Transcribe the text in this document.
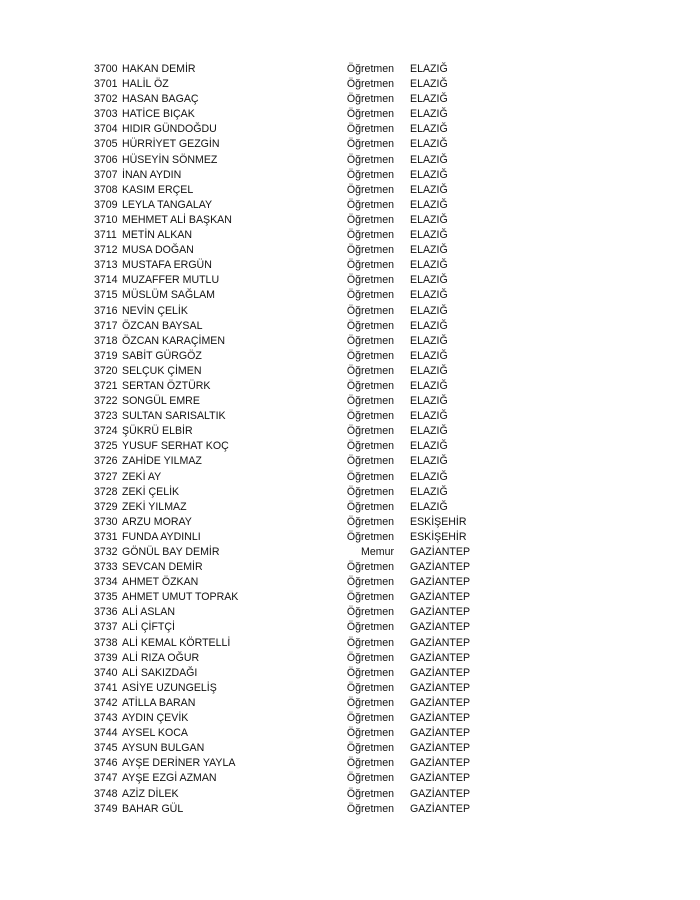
3700 HAKAN DEMİR	Öğretmen ELAZIĞ
3701 HALİL ÖZ	Öğretmen ELAZIĞ
3702 HASAN BAGAÇ	Öğretmen ELAZIĞ
3703 HATİCE BIÇAK	Öğretmen ELAZIĞ
3704 HIDIR GÜNDOĞDU	Öğretmen ELAZIĞ
3705 HÜRRİYET GEZGİN	Öğretmen ELAZIĞ
3706 HÜSEYİN SÖNMEZ	Öğretmen ELAZIĞ
3707 İNAN AYDIN	Öğretmen ELAZIĞ
3708 KASIM ERÇEL	Öğretmen ELAZIĞ
3709 LEYLA TANGALAY	Öğretmen ELAZIĞ
3710 MEHMET ALİ BAŞKAN	Öğretmen ELAZIĞ
3711 METİN ALKAN	Öğretmen ELAZIĞ
3712 MUSA DOĞAN	Öğretmen ELAZIĞ
3713 MUSTAFA ERGÜN	Öğretmen ELAZIĞ
3714 MUZAFFER MUTLU	Öğretmen ELAZIĞ
3715 MÜSLÜM SAĞLAM	Öğretmen ELAZIĞ
3716 NEVİN ÇELİK	Öğretmen ELAZIĞ
3717 ÖZCAN BAYSAL	Öğretmen ELAZIĞ
3718 ÖZCAN KARAÇİMEN	Öğretmen ELAZIĞ
3719 SABİT GÜRGÖZ	Öğretmen ELAZIĞ
3720 SELÇUK ÇİMEN	Öğretmen ELAZIĞ
3721 SERTAN ÖZTÜRK	Öğretmen ELAZIĞ
3722 SONGÜL EMRE	Öğretmen ELAZIĞ
3723 SULTAN SARISALTIK	Öğretmen ELAZIĞ
3724 ŞÜKRÜ ELBİR	Öğretmen ELAZIĞ
3725 YUSUF SERHAT KOÇ	Öğretmen ELAZIĞ
3726 ZAHİDE YILMAZ	Öğretmen ELAZIĞ
3727 ZEKİ AY	Öğretmen ELAZIĞ
3728 ZEKİ ÇELİK	Öğretmen ELAZIĞ
3729 ZEKİ YILMAZ	Öğretmen ELAZIĞ
3730 ARZU MORAY	Öğretmen ESKİŞEHİR
3731 FUNDA AYDINLI	Öğretmen ESKİŞEHİR
3732 GÖNÜL BAY DEMİR	Memur GAZİANTEP
3733 SEVCAN DEMİR	Öğretmen GAZİANTEP
3734 AHMET ÖZKAN	Öğretmen GAZİANTEP
3735 AHMET UMUT TOPRAK	Öğretmen GAZİANTEP
3736 ALİ ASLAN	Öğretmen GAZİANTEP
3737 ALİ ÇİFTÇİ	Öğretmen GAZİANTEP
3738 ALİ KEMAL KÖRTELLİ	Öğretmen GAZİANTEP
3739 ALİ RIZA OĞUR	Öğretmen GAZİANTEP
3740 ALİ SAKIZDAĞI	Öğretmen GAZİANTEP
3741 ASİYE UZUNGELİŞ	Öğretmen GAZİANTEP
3742 ATİLLA BARAN	Öğretmen GAZİANTEP
3743 AYDIN ÇEVİK	Öğretmen GAZİANTEP
3744 AYSEL KOCA	Öğretmen GAZİANTEP
3745 AYSUN BULGAN	Öğretmen GAZİANTEP
3746 AYŞE DERİNER YAYLA	Öğretmen GAZİANTEP
3747 AYŞE EZGİ AZMAN	Öğretmen GAZİANTEP
3748 AZİZ DİLEK	Öğretmen GAZİANTEP
3749 BAHAR GÜL	Öğretmen GAZİANTEP
